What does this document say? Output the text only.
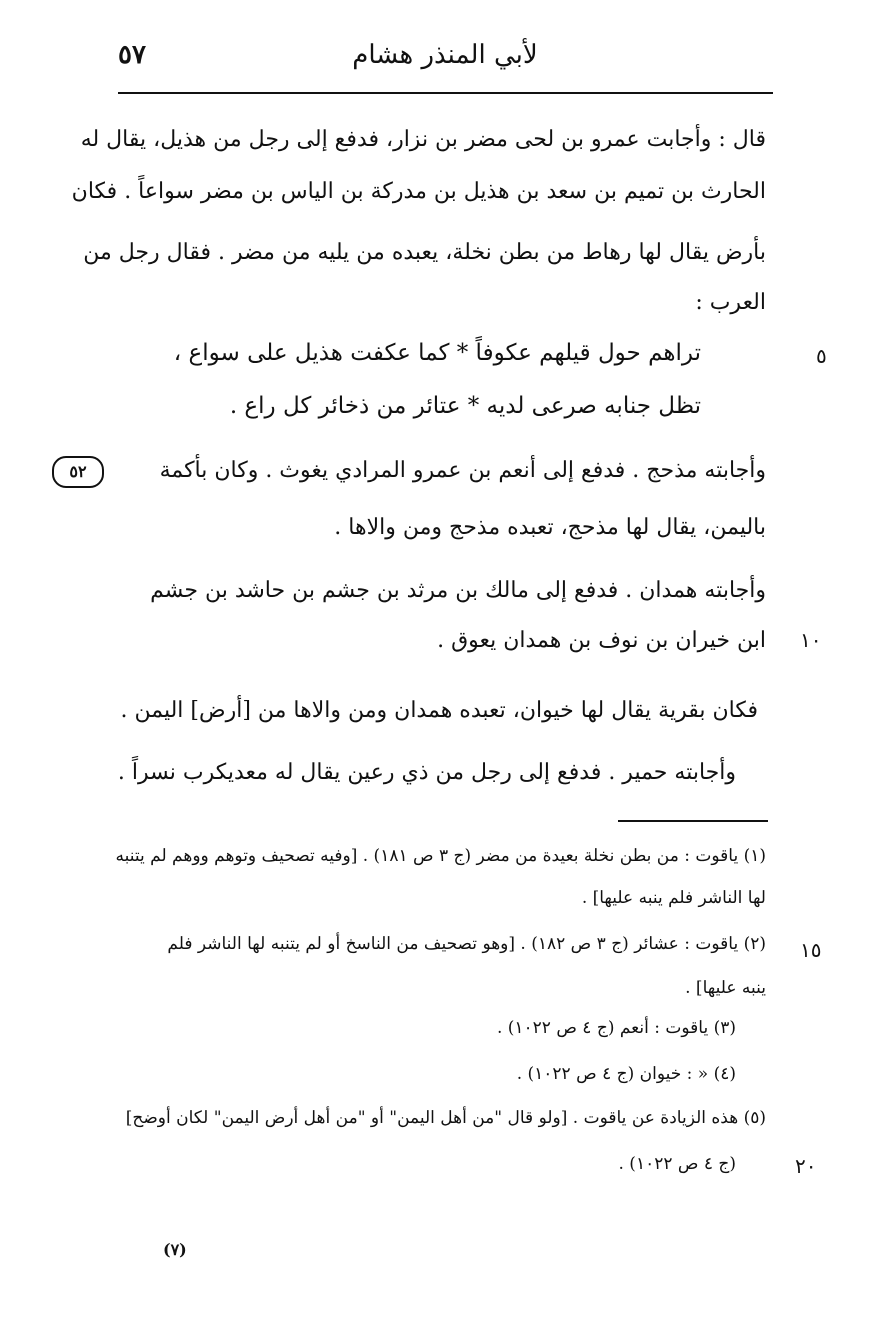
لأبي المنذر هشام
٥٧
قال : وأجابت عمرو بن لحى مضر بن نزار، فدفع إلى رجل من هذيل، يقال له
الحارث بن تميم بن سعد بن هذيل بن مدركة بن الياس بن مضر سواعاً . فكان
بأرض يقال لها رهاط من بطن نخلة، يعبده من يليه من مضر . فقال رجل من
العرب :
تراهم حول قيلهم عكوفاً * كما عكفت هذيل على سواع ،
تظل جنابه صرعى لديه * عتائر من ذخائر كل راع .
٥
٥٢	وأجابته مذحج . فدفع إلى أنعم بن عمرو المرادي يغوث . وكان بأكمة
باليمن، يقال لها مذحج، تعبده مذحج ومن والاها .
وأجابته همدان . فدفع إلى مالك بن مرثد بن جشم بن حاشد بن جشم
ابن خيران بن نوف بن همدان يعوق . ١٠
فكان بقرية يقال لها خيوان، تعبده همدان ومن والاها من [أرض] اليمن .
وأجابته حمير . فدفع إلى رجل من ذي رعين يقال له معديكرب نسراً .
(١) ياقوت : من بطن نخلة بعيدة من مضر (ج ٣ ص ١٨١) . [وفيه تصحيف وتوهم ووهم لم يتنبه
لها الناشر فلم ينبه عليها] .
(٢) ياقوت : عشائر (ج ٣ ص ١٨٢) . [وهو تصحيف من الناسخ أو لم يتنبه لها الناشر فلم ١٥
ينبه عليها] .
(٣) ياقوت : أنعم (ج ٤ ص ١٠٢٢) .
(٤) « : خيوان (ج ٤ ص ١٠٢٢) .
(٥) هذه الزيادة عن ياقوت . [ولو قال "من أهل اليمن" أو "من أهل أرض اليمن" لكان أوضح]
(ج ٤ ص ١٠٢٢) .	٢٠
(٧)
